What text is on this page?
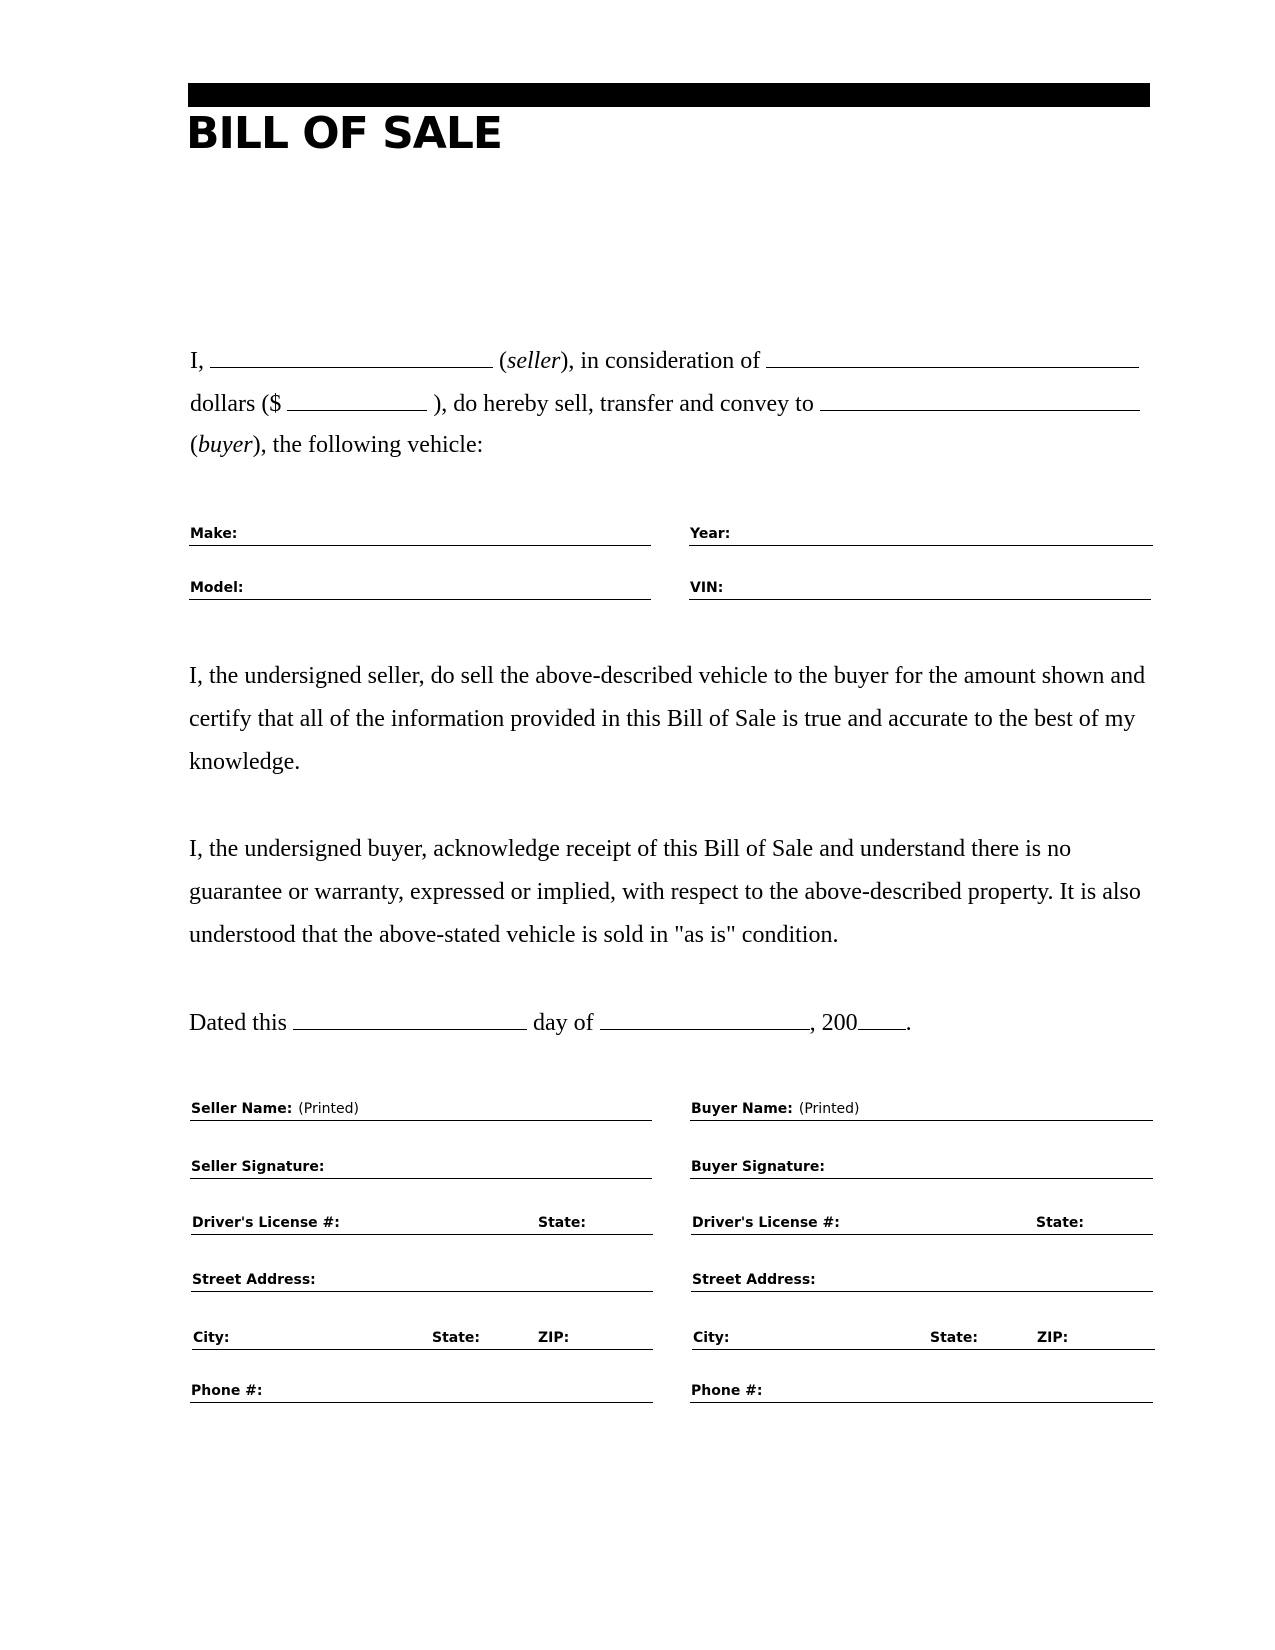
BILL OF SALE
I,	(seller), in consideration of
dollars ($	), do hereby sell, transfer and convey to
(buyer), the following vehicle:
Make:	Year:
Model:	VIN:

I, the undersigned seller, do sell the above-described vehicle to the buyer for the amount shown and certify that all of the information provided in this Bill of Sale is true and accurate to the best of my knowledge.

I, the undersigned buyer, acknowledge receipt of this Bill of Sale and understand there is no guarantee or warranty, expressed or implied, with respect to the above-described property. It is also understood that the above-stated vehicle is sold in "as is" condition.

Dated this	day of	, 200 .
Seller Name: (Printed)
Seller Signature:
Driver's License #:	State:
Street Address:
City:	State:	ZIP:
Phone #:
Buyer Name: (Printed)
Buyer Signature:
Driver's License #:	State:
Street Address:
City:	State:	ZIP:
Phone #:
